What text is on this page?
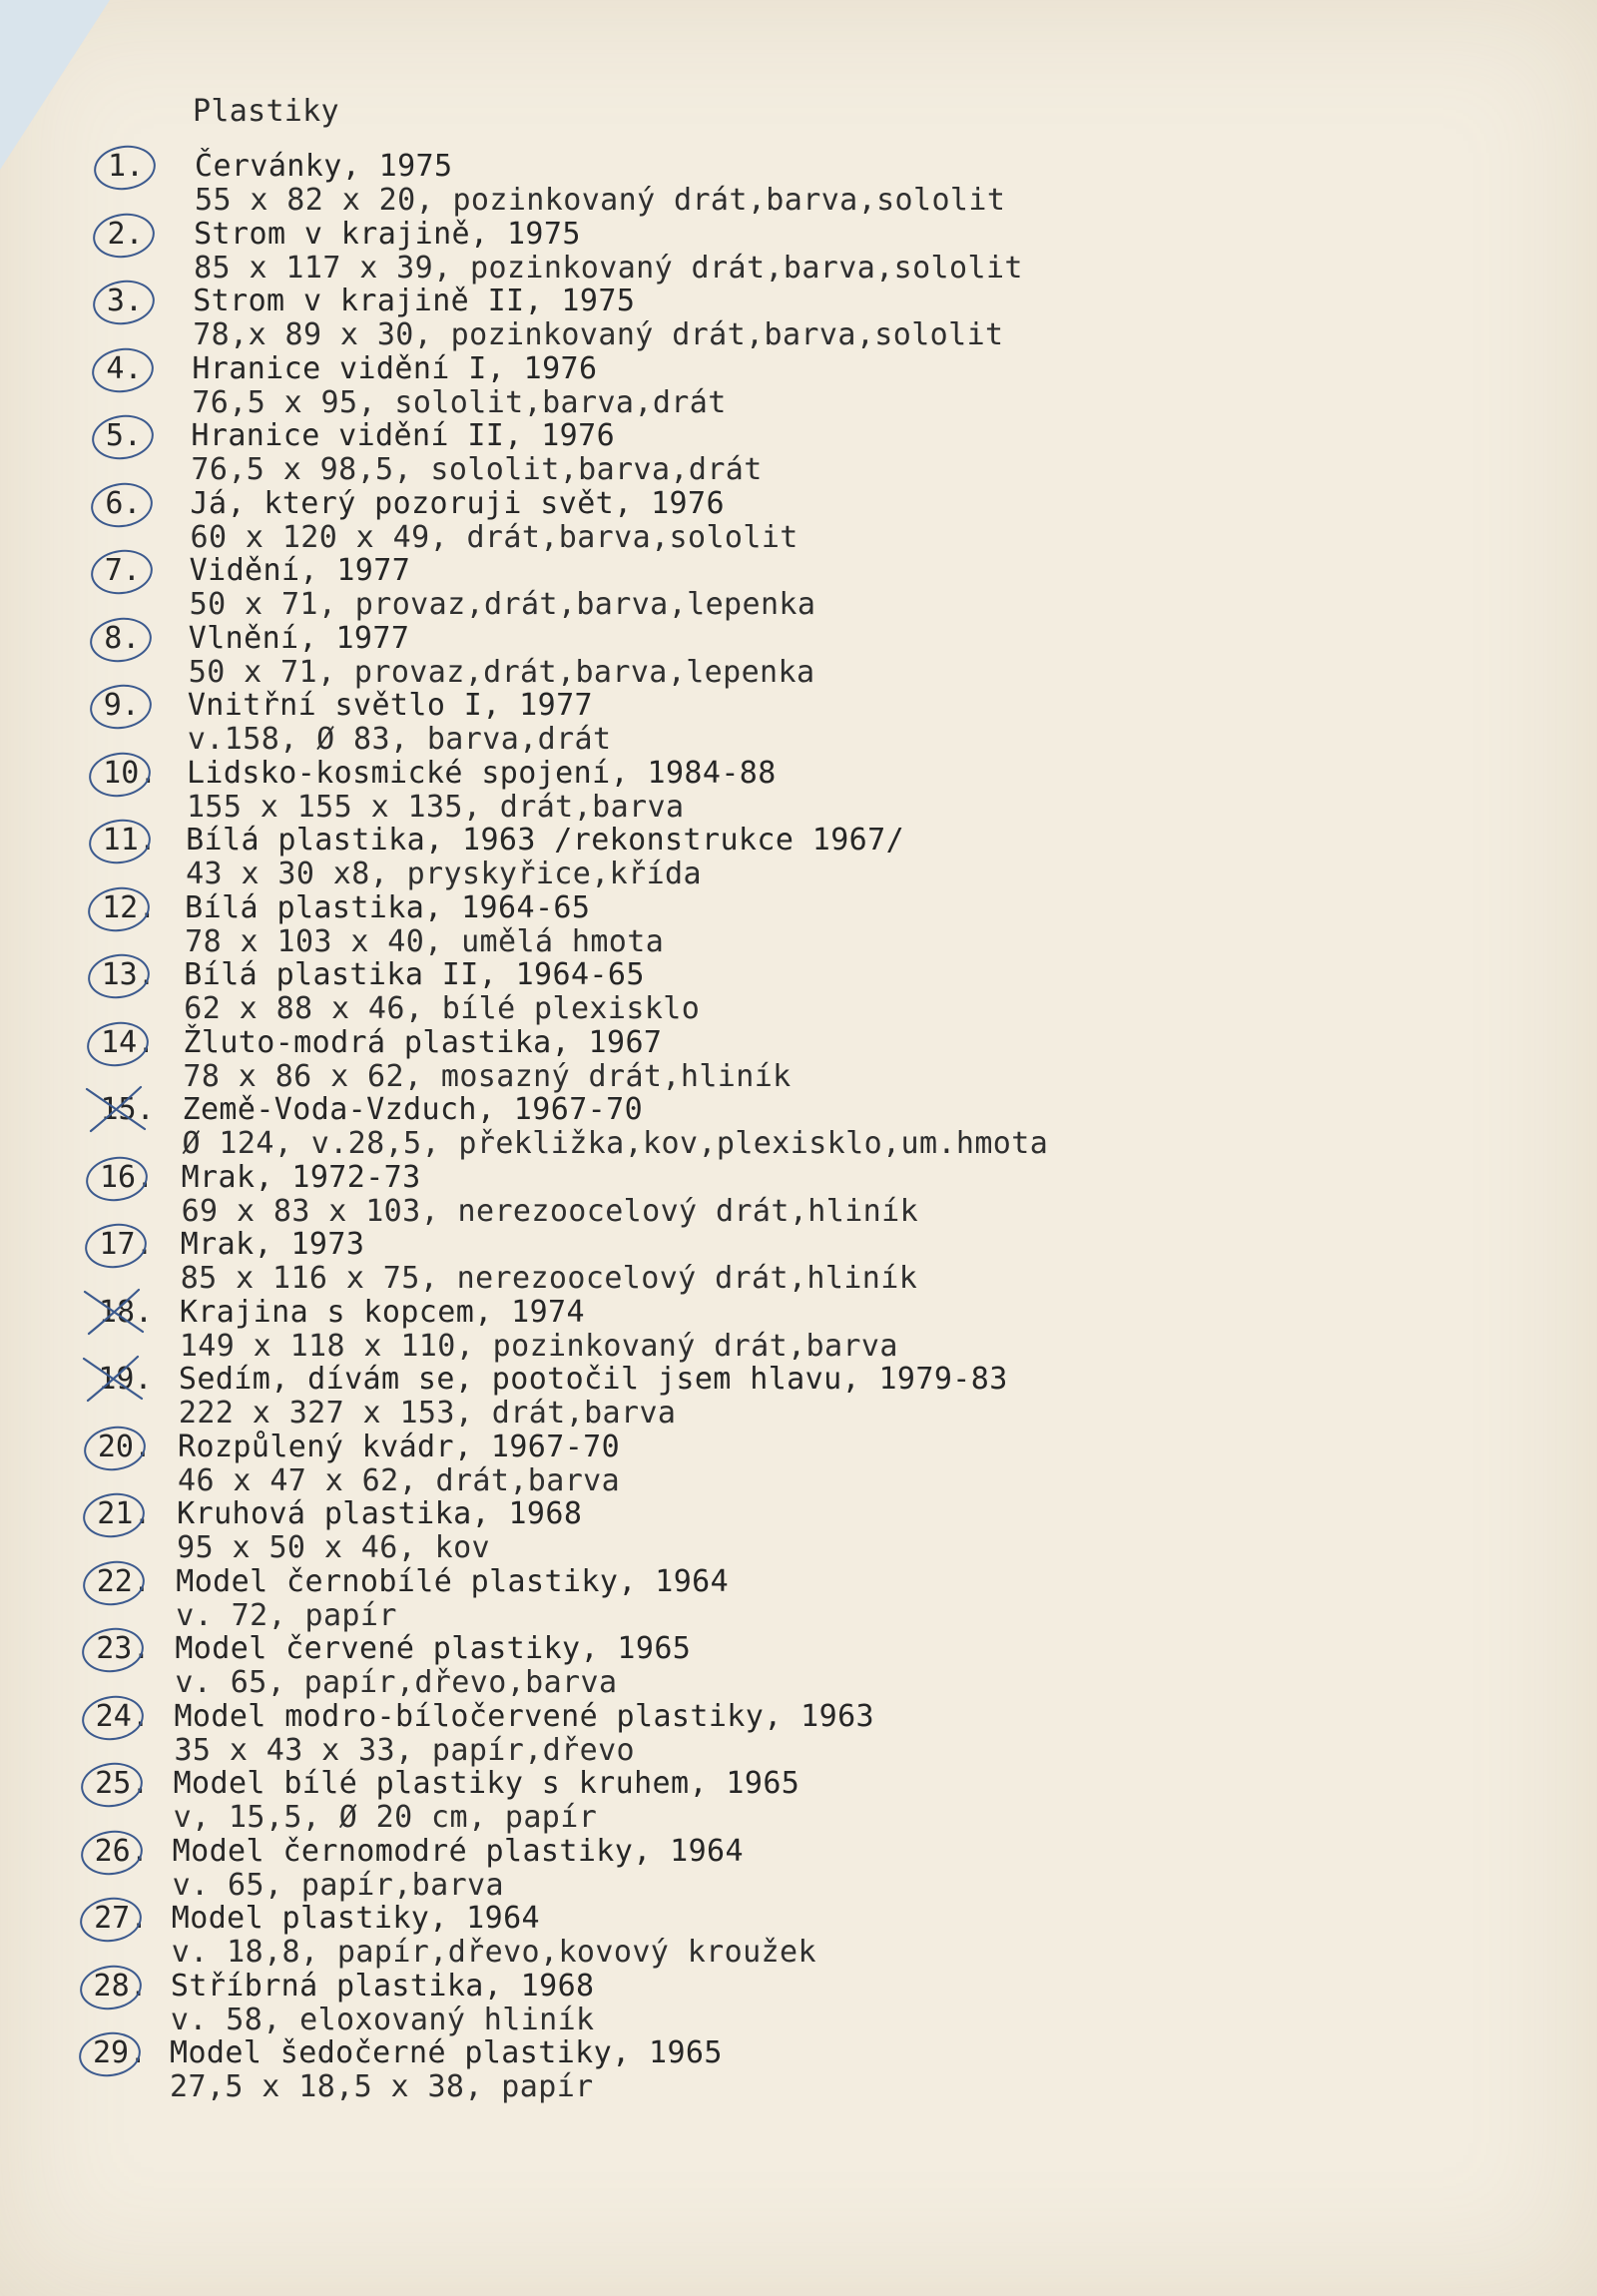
Plastiky
1.	Červánky, 1975
55 x 82 x 20, pozinkovaný drát,barva,sololit
2.	Strom v krajině, 1975
85 x 117 x 39, pozinkovaný drát,barva,sololit
3.	Strom v krajině II, 1975
78,x 89 x 30, pozinkovaný drát,barva,sololit
4.	Hranice vidění I, 1976
76,5 x 95, sololit,barva,drát
5.	Hranice vidění II, 1976
76,5 x 98,5, sololit,barva,drát
6.	Já, který pozoruji svět, 1976
60 x 120 x 49, drát,barva,sololit
7.	Vidění, 1977
50 x 71, provaz,drát,barva,lepenka
8.	Vlnění, 1977
50 x 71, provaz,drát,barva,lepenka
9.	Vnitřní světlo I, 1977
v.158, Ø 83, barva,drát
10. Lidsko-kosmické spojení, 1984-88
155 x 155 x 135, drát,barva
11. Bílá plastika, 1963 /rekonstrukce 1967/
43 x 30 x8, pryskyřice,křída
12. Bílá plastika, 1964-65
78 x 103 x 40, umělá hmota
13. Bílá plastika II, 1964-65
62 x 88 x 46, bílé plexisklo
14. Žluto-modrá plastika, 1967
78 x 86 x 62, mosazný drát,hliník
15. Země-Voda-Vzduch, 1967-70
Ø 124, v.28,5, překližka,kov,plexisklo,um.hmota
16. Mrak, 1972-73
69 x 83 x 103, nerezoocelový drát,hliník
17. Mrak, 1973
85 x 116 x 75, nerezoocelový drát,hliník
18. Krajina s kopcem, 1974
149 x 118 x 110, pozinkovaný drát,barva
19. Sedím, dívám se, pootočil jsem hlavu, 1979-83
222 x 327 x 153, drát,barva
20. Rozpůlený kvádr, 1967-70
46 x 47 x 62, drát,barva
21. Kruhová plastika, 1968
95 x 50 x 46, kov
22. Model černobílé plastiky, 1964
v. 72, papír
23. Model červené plastiky, 1965
v. 65, papír,dřevo,barva
24. Model modro-bíločervené plastiky, 1963
35 x 43 x 33, papír,dřevo
25. Model bílé plastiky s kruhem, 1965
v, 15,5, Ø 20 cm, papír
26. Model černomodré plastiky, 1964
v. 65, papír,barva
27. Model plastiky, 1964
v. 18,8, papír,dřevo,kovový kroužek
28. Stříbrná plastika, 1968
v. 58, eloxovaný hliník
29. Model šedočerné plastiky, 1965
27,5 x 18,5 x 38, papír
